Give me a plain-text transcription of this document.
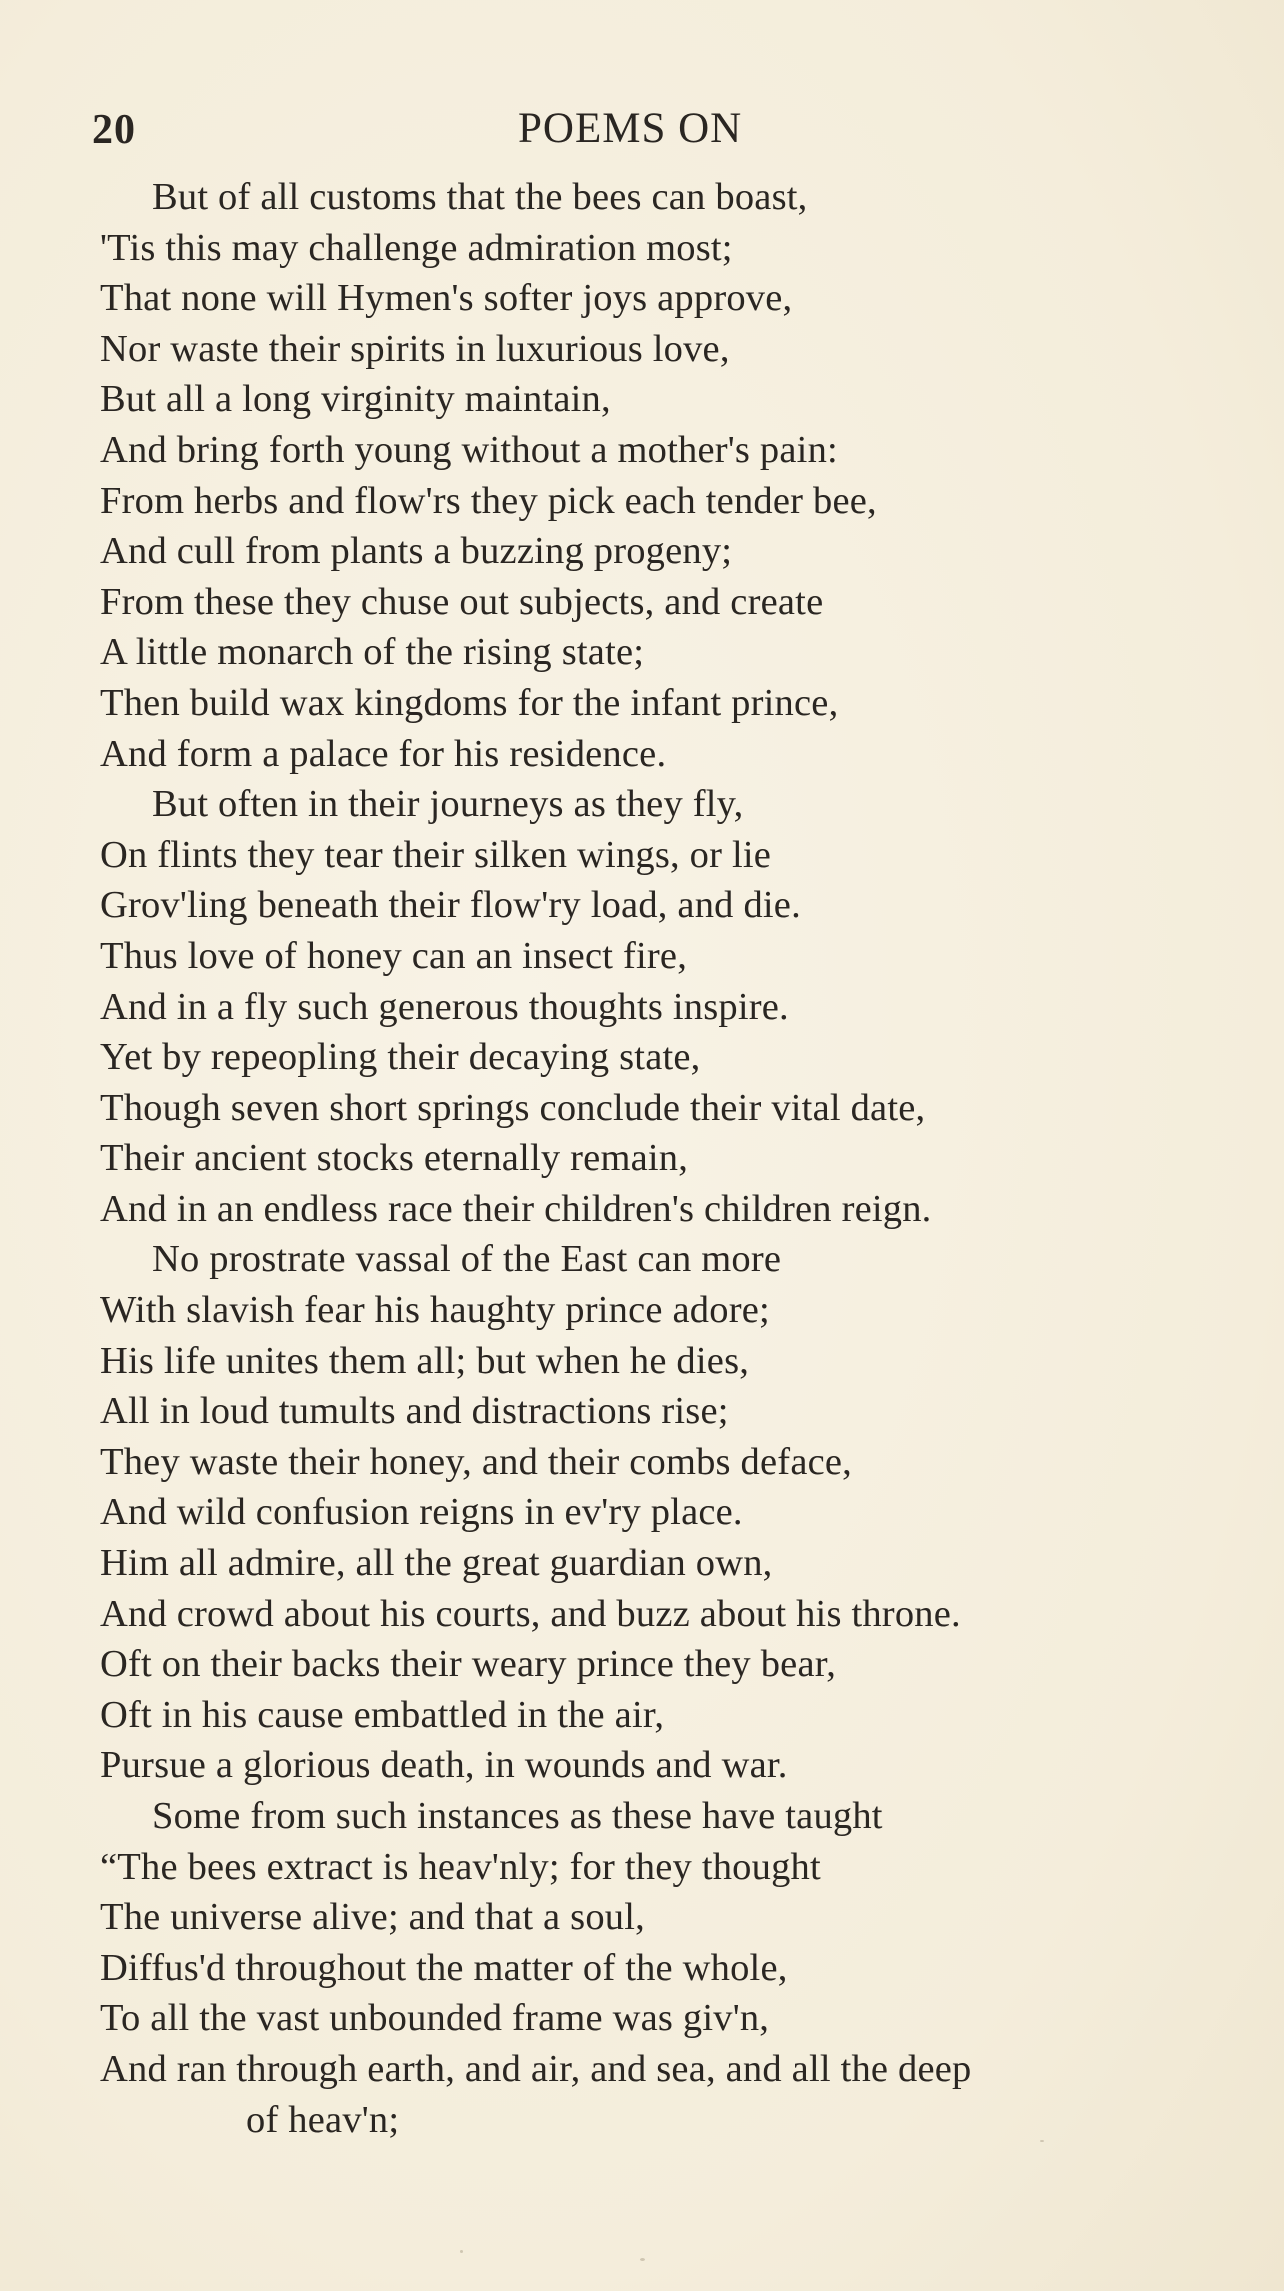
20	POEMS ON
But of all customs that the bees can boast,
'Tis this may challenge admiration most;
That none will Hymen's softer joys approve,
Nor waste their spirits in luxurious love,
But all a long virginity maintain,
And bring forth young without a mother's pain:
From herbs and flow'rs they pick each tender bee,
And cull from plants a buzzing progeny;
From these they chuse out subjects, and create
A little monarch of the rising state;
Then build wax kingdoms for the infant prince,
And form a palace for his residence.
But often in their journeys as they fly,
On flints they tear their silken wings, or lie
Grov'ling beneath their flow'ry load, and die.
Thus love of honey can an insect fire,
And in a fly such generous thoughts inspire.
Yet by repeopling their decaying state,
Though seven short springs conclude their vital date,
Their ancient stocks eternally remain,
And in an endless race their children's children reign.
No prostrate vassal of the East can more
With slavish fear his haughty prince adore;
His life unites them all; but when he dies,
All in loud tumults and distractions rise;
They waste their honey, and their combs deface,
And wild confusion reigns in ev'ry place.
Him all admire, all the great guardian own,
And crowd about his courts, and buzz about his throne.
Oft on their backs their weary prince they bear,
Oft in his cause embattled in the air,
Pursue a glorious death, in wounds and war.
Some from such instances as these have taught
“The bees extract is heav'nly; for they thought
The universe alive; and that a soul,
Diffus'd throughout the matter of the whole,
To all the vast unbounded frame was giv'n,
And ran through earth, and air, and sea, and all the deep
of heav'n;
